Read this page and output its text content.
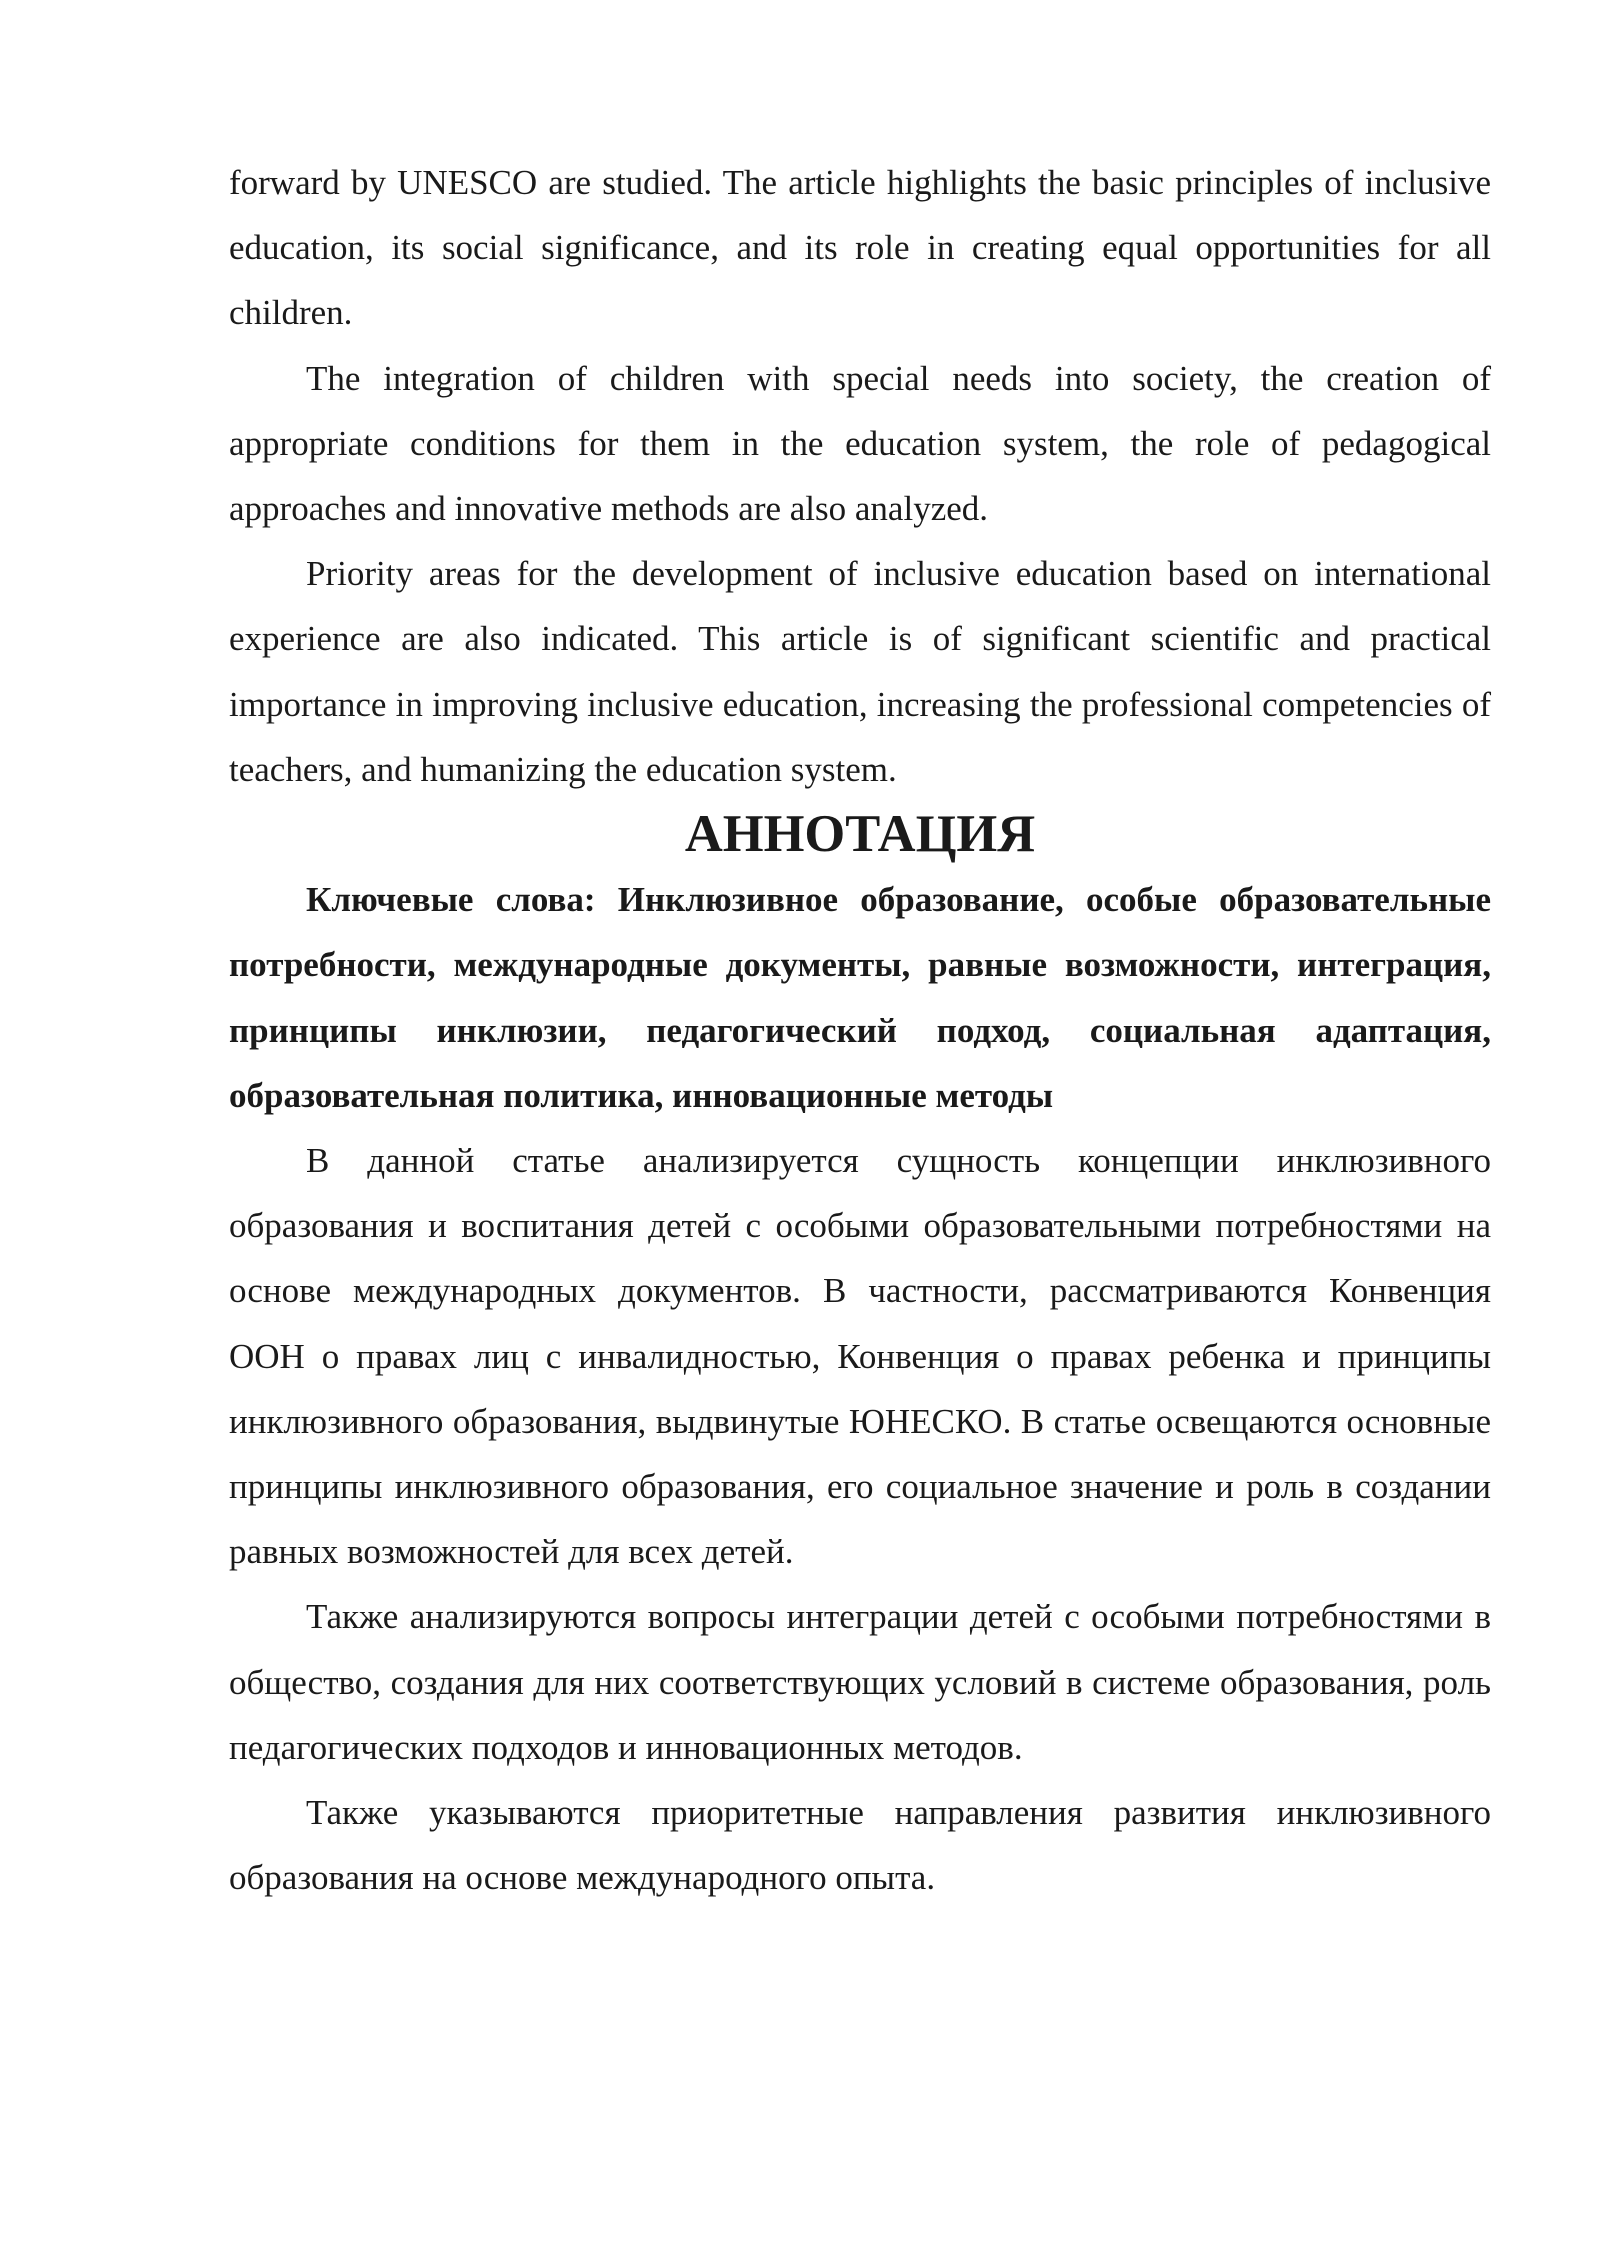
forward by UNESCO are studied. The article highlights the basic principles of inclusive education, its social significance, and its role in creating equal opportunities for all children.

The integration of children with special needs into society, the creation of appropriate conditions for them in the education system, the role of pedagogical approaches and innovative methods are also analyzed.

Priority areas for the development of inclusive education based on international experience are also indicated. This article is of significant scientific and practical importance in improving inclusive education, increasing the professional competencies of teachers, and humanizing the education system.

АННОТАЦИЯ

Ключевые слова: Инклюзивное образование, особые образовательные потребности, международные документы, равные возможности, интеграция, принципы инклюзии, педагогический подход, социальная адаптация, образовательная политика, инновационные методы

В данной статье анализируется сущность концепции инклюзивного образования и воспитания детей с особыми образовательными потребностями на основе международных документов. В частности, рассматриваются Конвенция ООН о правах лиц с инвалидностью, Конвенция о правах ребенка и принципы инклюзивного образования, выдвинутые ЮНЕСКО. В статье освещаются основные принципы инклюзивного образования, его социальное значение и роль в создании равных возможностей для всех детей.

Также анализируются вопросы интеграции детей с особыми потребностями в общество, создания для них соответствующих условий в системе образования, роль педагогических подходов и инновационных методов.

Также указываются приоритетные направления развития инклюзивного образования на основе международного опыта.
